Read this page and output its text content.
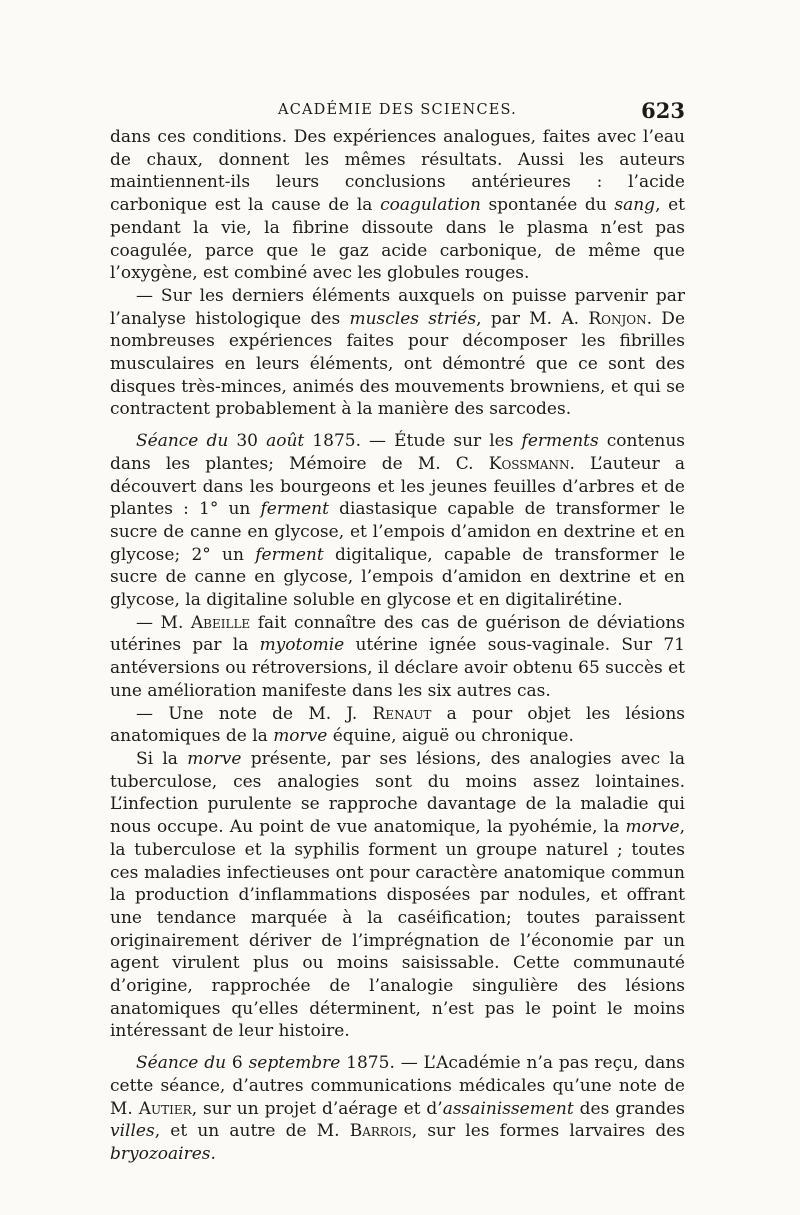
ACADÉMIE DES SCIENCES.	623

dans ces conditions. Des expériences analogues, faites avec l’eau de chaux, donnent les mêmes résultats. Aussi les auteurs maintiennent-ils leurs conclusions antérieures : l’acide carbonique est la cause de la coagulation spontanée du sang, et pendant la vie, la fibrine dissoute dans le plasma n’est pas coagulée, parce que le gaz acide carbonique, de même que l’oxygène, est combiné avec les globules rouges.

— Sur les derniers éléments auxquels on puisse parvenir par l’analyse histologique des muscles striés, par M. A. Ronjon. De nombreuses expériences faites pour décomposer les fibrilles musculaires en leurs éléments, ont démontré que ce sont des disques très-minces, animés des mouvements browniens, et qui se contractent probablement à la manière des sarcodes.

Séance du 30 août 1875. — Étude sur les ferments contenus dans les plantes; Mémoire de M. C. Kossmann. L’auteur a découvert dans les bourgeons et les jeunes feuilles d’arbres et de plantes : 1° un ferment diastasique capable de transformer le sucre de canne en glycose, et l’empois d’amidon en dextrine et en glycose; 2° un ferment digitalique, capable de transformer le sucre de canne en glycose, l’empois d’amidon en dextrine et en glycose, la digitaline soluble en glycose et en digitalirétine.

— M. Abeille fait connaître des cas de guérison de déviations utérines par la myotomie utérine ignée sous-vaginale. Sur 71 antéversions ou rétroversions, il déclare avoir obtenu 65 succès et une amélioration manifeste dans les six autres cas.

— Une note de M. J. Renaut a pour objet les lésions anatomiques de la morve équine, aiguë ou chronique.

Si la morve présente, par ses lésions, des analogies avec la tuberculose, ces analogies sont du moins assez lointaines. L’infection purulente se rapproche davantage de la maladie qui nous occupe. Au point de vue anatomique, la pyohémie, la morve, la tuberculose et la syphilis forment un groupe naturel ; toutes ces maladies infectieuses ont pour caractère anatomique commun la production d’inflammations disposées par nodules, et offrant une tendance marquée à la caséification; toutes paraissent originairement dériver de l’imprégnation de l’économie par un agent virulent plus ou moins saisissable. Cette communauté d’origine, rapprochée de l’analogie singulière des lésions anatomiques qu’elles déterminent, n’est pas le point le moins intéressant de leur histoire.

Séance du 6 septembre 1875. — L’Académie n’a pas reçu, dans cette séance, d’autres communications médicales qu’une note de M. Autier, sur un projet d’aérage et d’assainissement des grandes villes, et un autre de M. Barrois, sur les formes larvaires des bryozoaires.
